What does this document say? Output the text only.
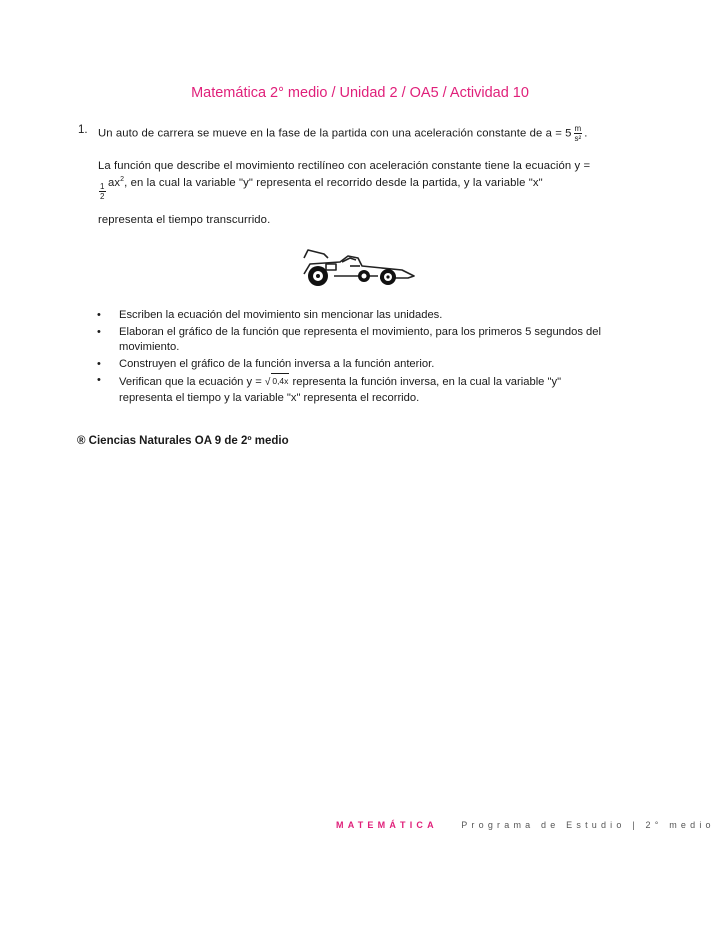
Matemática 2° medio / Unidad 2 / OA5 / Actividad 10
1. Un auto de carrera se mueve en la fase de la partida con una aceleración constante de $a = 5 \frac{m}{\text{s²}}$ .
La función que describe el movimiento rectilíneo con aceleración constante tiene la ecuación y =
$\frac{1}{2} ax^2$, en la cual la variable "y" representa el recorrido desde la partida, y la variable "x"
representa el tiempo transcurrido.
• Escriben la ecuación del movimiento sin mencionar las unidades.
• Elaboran el gráfico de la función que representa el movimiento, para los primeros 5 segundos del movimiento.
• Construyen el gráfico de la función inversa a la función anterior.
• Verifican que la ecuación y = √ 0,4x representa la función inversa, en la cual la variable "y" representa el tiempo y la variable "x" representa el recorrido.
® Ciencias Naturales OA 9 de 2º medio
MATEMÁTICA	Programa de Estudio | 2° medio
